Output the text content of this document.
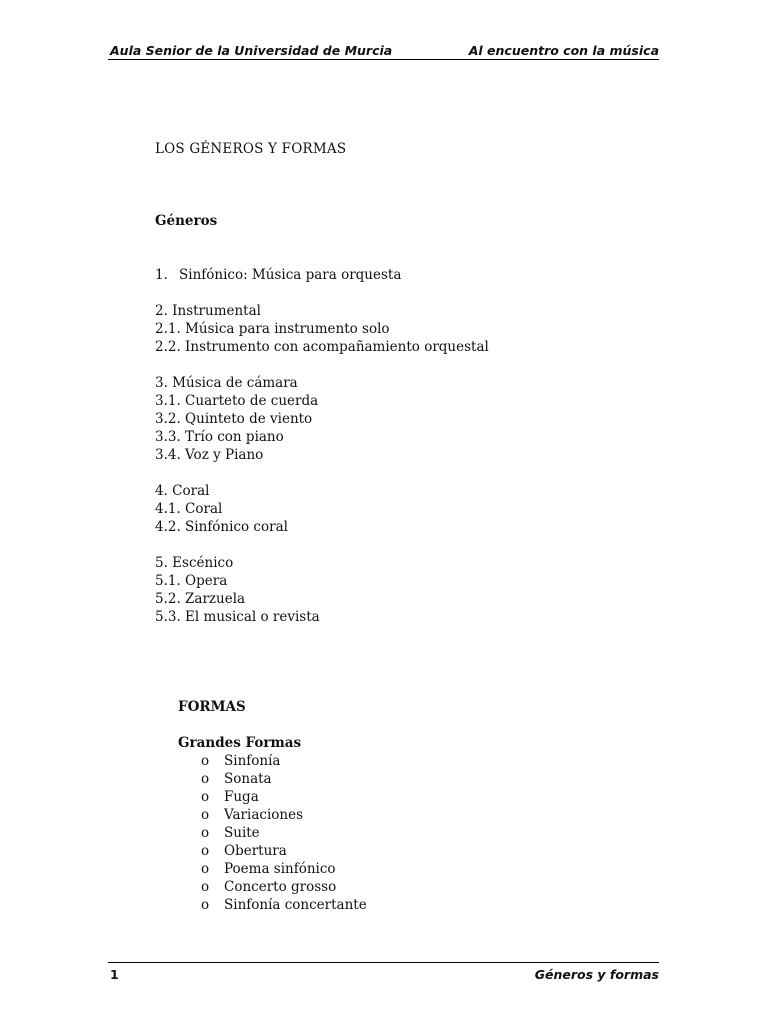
Aula Senior de la Universidad de Murcia	Al encuentro con la música
LOS GÉNEROS Y FORMAS
Géneros
1. Sinfónico: Música para orquesta
2. Instrumental
2.1. Música para instrumento solo
2.2. Instrumento con acompañamiento orquestal
3. Música de cámara
3.1. Cuarteto de cuerda
3.2. Quinteto de viento
3.3. Trío con piano
3.4. Voz y Piano
4. Coral
4.1. Coral
4.2. Sinfónico coral
5. Escénico
5.1. Opera
5.2. Zarzuela
5.3. El musical o revista
FORMAS
Grandes Formas
o	Sinfonía
o	Sonata
o	Fuga
o	Variaciones
o	Suite
o	Obertura
o	Poema sinfónico
o	Concerto grosso
o	Sinfonía concertante
1	Géneros y formas
